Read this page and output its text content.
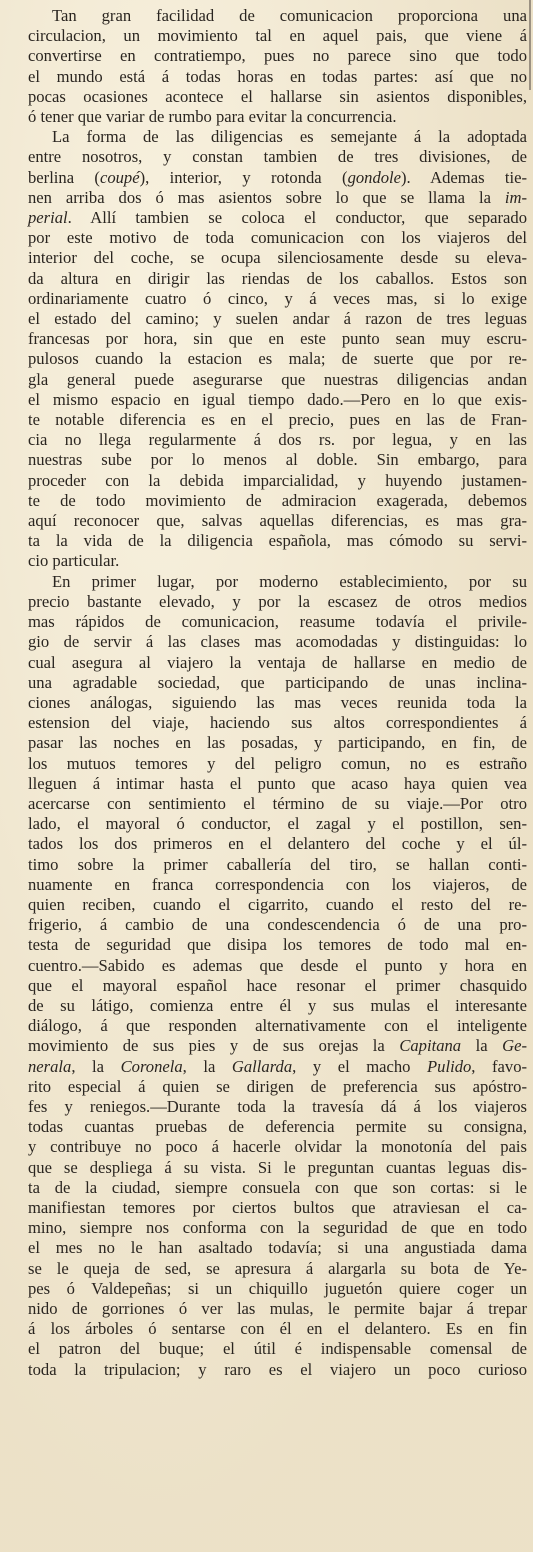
Tan gran facilidad de comunicacion proporciona una
circulacion, un movimiento tal en aquel pais, que viene á
convertirse en contratiempo, pues no parece sino que todo
el mundo está á todas horas en todas partes: así que no
pocas ocasiones acontece el hallarse sin asientos disponibles,
ó tener que variar de rumbo para evitar la concurrencia.

La forma de las diligencias es semejante á la adoptada
entre nosotros, y constan tambien de tres divisiones, de
berlina (coupé), interior, y rotonda (gondole). Ademas tie-
nen arriba dos ó mas asientos sobre lo que se llama la im-
perial. Allí tambien se coloca el conductor, que separado
por este motivo de toda comunicacion con los viajeros del
interior del coche, se ocupa silenciosamente desde su eleva-
da altura en dirigir las riendas de los caballos. Estos son
ordinariamente cuatro ó cinco, y á veces mas, si lo exige
el estado del camino; y suelen andar á razon de tres leguas
francesas por hora, sin que en este punto sean muy escru-
pulosos cuando la estacion es mala; de suerte que por re-
gla general puede asegurarse que nuestras diligencias andan
el mismo espacio en igual tiempo dado.—Pero en lo que exis-
te notable diferencia es en el precio, pues en las de Fran-
cia no llega regularmente á dos rs. por legua, y en las
nuestras sube por lo menos al doble. Sin embargo, para
proceder con la debida imparcialidad, y huyendo justamen-
te de todo movimiento de admiracion exagerada, debemos
aquí reconocer que, salvas aquellas diferencias, es mas gra-
ta la vida de la diligencia española, mas cómodo su servi-
cio particular.

En primer lugar, por moderno establecimiento, por su
precio bastante elevado, y por la escasez de otros medios
mas rápidos de comunicacion, reasume todavía el privile-
gio de servir á las clases mas acomodadas y distinguidas: lo
cual asegura al viajero la ventaja de hallarse en medio de
una agradable sociedad, que participando de unas inclina-
ciones análogas, siguiendo las mas veces reunida toda la
estension del viaje, haciendo sus altos correspondientes á
pasar las noches en las posadas, y participando, en fin, de
los mutuos temores y del peligro comun, no es estraño
lleguen á intimar hasta el punto que acaso haya quien vea
acercarse con sentimiento el término de su viaje.—Por otro
lado, el mayoral ó conductor, el zagal y el postillon, sen-
tados los dos primeros en el delantero del coche y el úl-
timo sobre la primer caballería del tiro, se hallan conti-
nuamente en franca correspondencia con los viajeros, de
quien reciben, cuando el cigarrito, cuando el resto del re-
frigerio, á cambio de una condescendencia ó de una pro-
testa de seguridad que disipa los temores de todo mal en-
cuentro.—Sabido es ademas que desde el punto y hora en
que el mayoral español hace resonar el primer chasquido
de su látigo, comienza entre él y sus mulas el interesante
diálogo, á que responden alternativamente con el inteligente
movimiento de sus pies y de sus orejas la Capitana la Ge-
nerala, la Coronela, la Gallarda, y el macho Pulido, favo-
rito especial á quien se dirigen de preferencia sus apóstro-
fes y reniegos.—Durante toda la travesía dá á los viajeros
todas cuantas pruebas de deferencia permite su consigna,
y contribuye no poco á hacerle olvidar la monotonía del pais
que se despliega á su vista. Si le preguntan cuantas leguas dis-
ta de la ciudad, siempre consuela con que son cortas: si le
manifiestan temores por ciertos bultos que atraviesan el ca-
mino, siempre nos conforma con la seguridad de que en todo
el mes no le han asaltado todavía; si una angustiada dama
se le queja de sed, se apresura á alargarla su bota de Ye-
pes ó Valdepeñas; si un chiquillo juguetón quiere coger un
nido de gorriones ó ver las mulas, le permite bajar á trepar
á los árboles ó sentarse con él en el delantero. Es en fin
el patron del buque; el útil é indispensable comensal de
toda la tripulacion; y raro es el viajero un poco curioso
